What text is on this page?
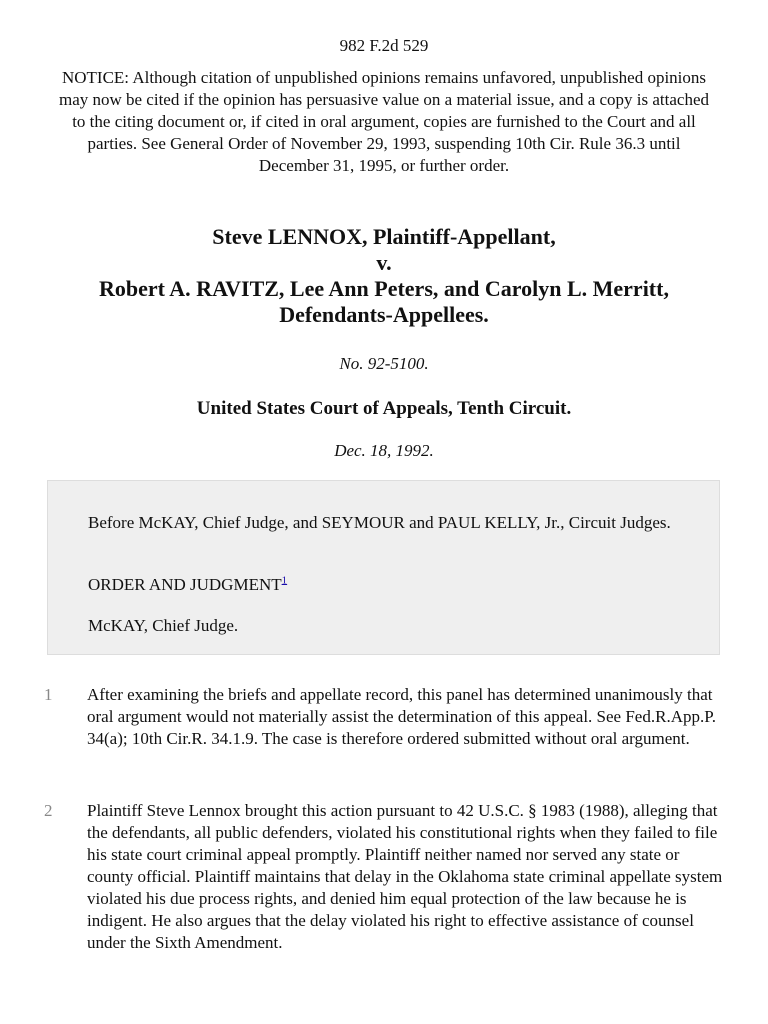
982 F.2d 529
NOTICE: Although citation of unpublished opinions remains unfavored, unpublished opinions may now be cited if the opinion has persuasive value on a material issue, and a copy is attached to the citing document or, if cited in oral argument, copies are furnished to the Court and all parties. See General Order of November 29, 1993, suspending 10th Cir. Rule 36.3 until December 31, 1995, or further order.
Steve LENNOX, Plaintiff-Appellant,
v.
Robert A. RAVITZ, Lee Ann Peters, and Carolyn L. Merritt, Defendants-Appellees.
No. 92-5100.
United States Court of Appeals, Tenth Circuit.
Dec. 18, 1992.

Before McKAY, Chief Judge, and SEYMOUR and PAUL KELLY, Jr., Circuit Judges.

ORDER AND JUDGMENT$^1$

McKAY, Chief Judge.

1	After examining the briefs and appellate record, this panel has determined unanimously that oral argument would not materially assist the determination of this appeal. See Fed.R.App.P. 34(a); 10th Cir.R. 34.1.9. The case is therefore ordered submitted without oral argument.

2	Plaintiff Steve Lennox brought this action pursuant to 42 U.S.C. § 1983 (1988), alleging that the defendants, all public defenders, violated his constitutional rights when they failed to file his state court criminal appeal promptly. Plaintiff neither named nor served any state or county official. Plaintiff maintains that delay in the Oklahoma state criminal appellate system violated his due process rights, and denied him equal protection of the law because he is indigent. He also argues that the delay violated his right to effective assistance of counsel under the Sixth Amendment.
